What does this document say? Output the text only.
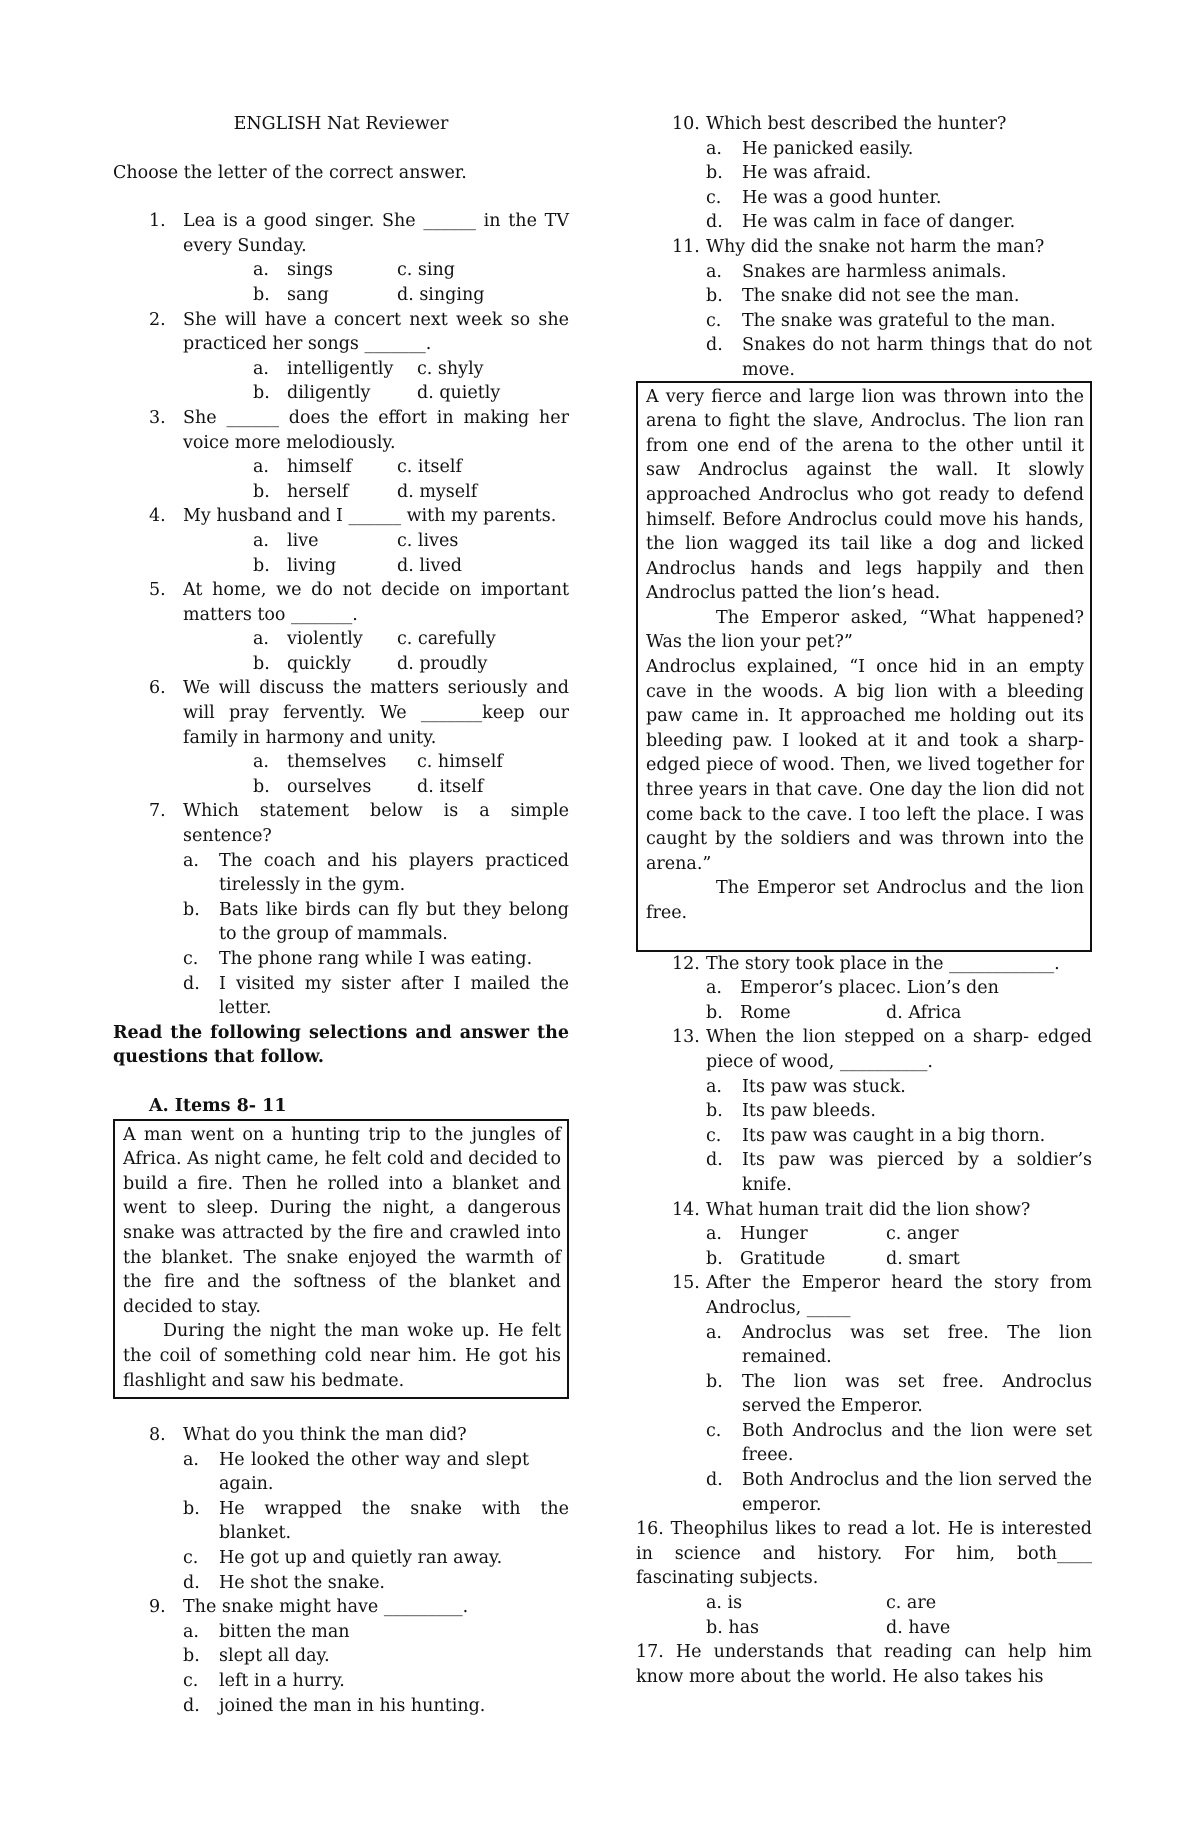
ENGLISH Nat Reviewer
Choose the letter of the correct answer.
1. Lea is a good singer. She ______ in the TV every Sunday.
a. sings	c. sing
b. sang	d. singing
2. She will have a concert next week so she practiced her songs _______.
a. intelligently	c. shyly
b. diligently	d. quietly
3. She ______ does the effort in making her voice more melodiously.
a. himself	c. itself
b. herself	d. myself
4. My husband and I ______ with my parents.
a. live	c. lives
b. living	d. lived
5. At home, we do not decide on important matters too _______.
a. violently	c. carefully
b. quickly	d. proudly
6. We will discuss the matters seriously and will pray fervently. We _______keep our family in harmony and unity.
a. themselves	c. himself
b. ourselves	d. itself
7. Which statement below is a simple sentence?
a. The coach and his players practiced tirelessly in the gym.
b. Bats like birds can fly but they belong to the group of mammals.
c. The phone rang while I was eating.
d. I visited my sister after I mailed the letter.
Read the following selections and answer the questions that follow.
A. Items 8- 11

A man went on a hunting trip to the jungles of Africa. As night came, he felt cold and decided to build a fire. Then he rolled into a blanket and went to sleep. During the night, a dangerous snake was attracted by the fire and crawled into the blanket. The snake enjoyed the warmth of the fire and the softness of the blanket and decided to stay.

During the night the man woke up. He felt the coil of something cold near him. He got his flashlight and saw his bedmate.

8. What do you think the man did?
a. He looked the other way and slept again.
b. He wrapped the snake with the blanket.
c. He got up and quietly ran away.
d. He shot the snake.
9. The snake might have _________.
a. bitten the man
b. slept all day.
c. left in a hurry.
d. joined the man in his hunting.
10. Which best described the hunter?
a. He panicked easily.
b. He was afraid.
c. He was a good hunter.
d. He was calm in face of danger.
11. Why did the snake not harm the man?
a. Snakes are harmless animals.
b. The snake did not see the man.
c. The snake was grateful to the man.
d. Snakes do not harm things that do not move.

A very fierce and large lion was thrown into the arena to fight the slave, Androclus. The lion ran from one end of the arena to the other until it saw Androclus against the wall. It slowly approached Androclus who got ready to defend himself. Before Androclus could move his hands, the lion wagged its tail like a dog and licked Androclus hands and legs happily and then Androclus patted the lion’s head.

The Emperor asked, “What happened? Was the lion your pet?”

Androclus explained, “I once hid in an empty cave in the woods. A big lion with a bleeding paw came in. It approached me holding out its bleeding paw. I looked at it and took a sharp-edged piece of wood. Then, we lived together for three years in that cave. One day the lion did not come back to the cave. I too left the place. I was caught by the soldiers and was thrown into the arena.”

The Emperor set Androclus and the lion free.

12. The story took place in the ____________.
a. Emperor’s place c. Lion’s den
b. Rome	d. Africa
13. When the lion stepped on a sharp- edged piece of wood, __________.
a. Its paw was stuck.
b. Its paw bleeds.
c. Its paw was caught in a big thorn.
d. Its paw was pierced by a soldier’s knife.
14. What human trait did the lion show?
a. Hunger	c. anger
b. Gratitude	d. smart
15. After the Emperor heard the story from Androclus, _____
a. Androclus was set free. The lion remained.
b. The lion was set free. Androclus served the Emperor.
c. Both Androclus and the lion were set freee.
d. Both Androclus and the lion served the emperor.
16. Theophilus likes to read a lot. He is interested in science and history. For him, both____ fascinating subjects.
a. is	c. are
b. has	d. have
17. He understands that reading can help him know more about the world. He also takes his
